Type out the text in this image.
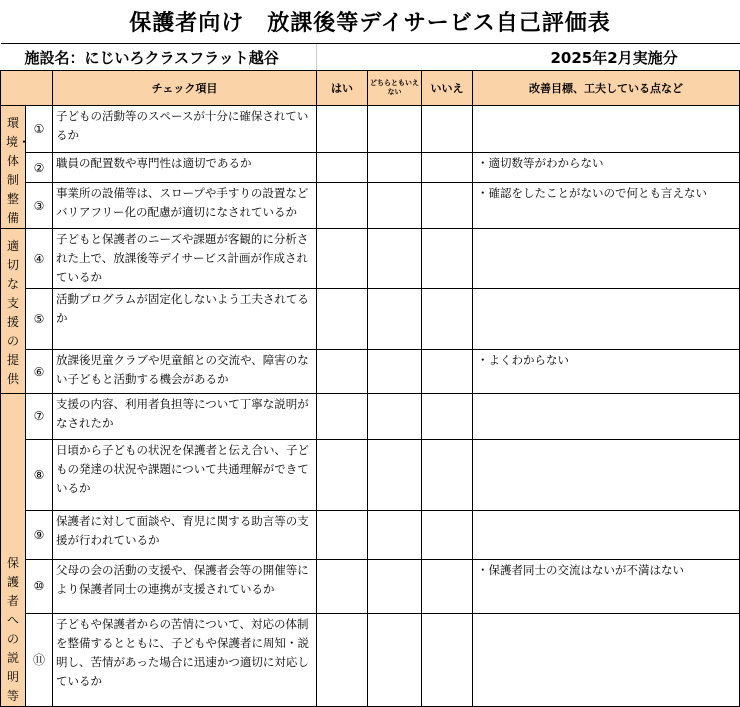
保護者向け　放課後等デイサービス自己評価表						
施設名：にじいろクラスフラット越谷						2025年2月実施分
		チェック項目	はい	どちらともいえない	いいえ	改善目標、工夫している点など

環境・体制整備	①	子どもの活動等のスペースが十分に確保されているか				
	②	職員の配置数や専門性は適切であるか				・適切数等がわからない
	③	事業所の設備等は、スロープや手すりの設置などバリアフリー化の配慮が適切になされているか				・確認をしたことがないので何とも言えない

適切な支援の提供	④	子どもと保護者のニーズや課題が客観的に分析された上で、放課後等デイサービス計画が作成されているか				
	⑤	活動プログラムが固定化しないよう工夫されてるか				
	⑥	放課後児童クラブや児童館との交流や、障害のない子どもと活動する機会があるか				・よくわからない

保護者への説明等	⑦	支援の内容、利用者負担等について丁寧な説明がなされたか				
	⑧	日頃から子どもの状況を保護者と伝え合い、子どもの発達の状況や課題について共通理解ができているか				
	⑨	保護者に対して面談や、育児に関する助言等の支援が行われているか				
	⑩	父母の会の活動の支援や、保護者会等の開催等により保護者同士の連携が支援されているか				・保護者同士の交流はないが不満はない
	⑪	子どもや保護者からの苦情について、対応の体制を整備するとともに、子どもや保護者に周知・説明し、苦情があった場合に迅速かつ適切に対応しているか				
